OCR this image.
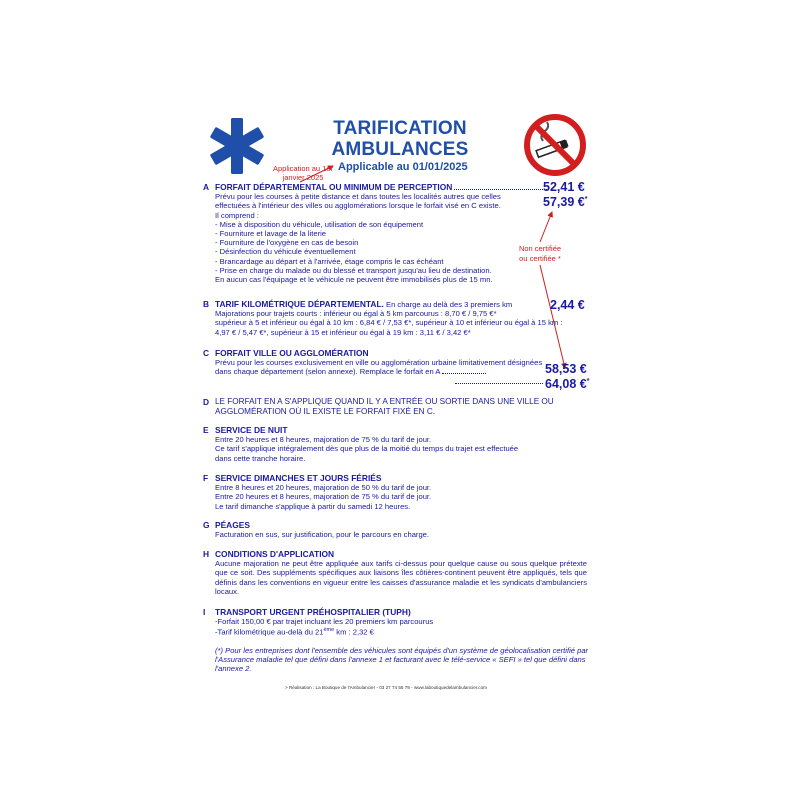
TARIFICATION
AMBULANCES
Applicable au 01/01/2025
Application au 1er janvier 2025
Non certifiée
ou certifiée *
A FORFAIT DÉPARTEMENTAL OU MINIMUM DE PERCEPTION
Prévu pour les courses à petite distance et dans toutes les localités autres que celles
effectuées à l'intérieur des villes ou agglomérations lorsque le forfait visé en C existe.
Il comprend :
- Mise à disposition du véhicule, utilisation de son équipement
- Fourniture et lavage de la literie
- Fourniture de l'oxygène en cas de besoin
- Désinfection du véhicule éventuellement
- Brancardage au départ et à l'arrivée, étage compris le cas échéant
- Prise en charge du malade ou du blessé et transport jusqu'au lieu de destination.
En aucun cas l'équipage et le véhicule ne peuvent être immobilisés plus de 15 mn.
52,41 €
57,39 €*
B TARIF KILOMÉTRIQUE DÉPARTEMENTAL. En charge au delà des 3 premiers km
Majorations pour trajets courts : inférieur ou égal à 5 km parcourus : 8,70 € / 9,75 €*
supérieur à 5 et inférieur ou égal à 10 km : 6,84 € / 7,53 €*, supérieur à 10 et inférieur ou égal à 15 km :
4,97 € / 5,47 €*, supérieur à 15 et inférieur ou égal à 19 km : 3,11 € / 3,42 €*
2,44 €
C FORFAIT VILLE OU AGGLOMÉRATION
Prévu pour les courses exclusivement en ville ou agglomération urbaine limitativement désignées
dans chaque département (selon annexe). Remplace le forfait en A	58,53 €
64,08 €*
D LE FORFAIT EN A S'APPLIQUE QUAND IL Y A ENTRÉE OU SORTIE DANS UNE VILLE OU
AGGLOMÉRATION OÙ IL EXISTE LE FORFAIT FIXÉ EN C.
E SERVICE DE NUIT
Entre 20 heures et 8 heures, majoration de 75 % du tarif de jour.
Ce tarif s'applique intégralement dès que plus de la moitié du temps du trajet est effectuée
dans cette tranche horaire.
F SERVICE DIMANCHES ET JOURS FÉRIÉS
Entre 8 heures et 20 heures, majoration de 50 % du tarif de jour.
Entre 20 heures et 8 heures, majoration de 75 % du tarif de jour.
Le tarif dimanche s'applique à partir du samedi 12 heures.
G PÉAGES
Facturation en sus, sur justification, pour le parcours en charge.
H CONDITIONS D'APPLICATION
Aucune majoration ne peut être appliquée aux tarifs ci-dessus pour quelque cause ou sous quelque prétexte que ce soit. Des suppléments spécifiques aux liaisons îles côtières-continent peuvent être appliqués, tels que définis dans les conventions en vigueur entre les caisses d'assurance maladie et les syndicats d'ambulanciers locaux.
I TRANSPORT URGENT PRÉHOSPITALIER (TUPH)
-Forfait 150,00 € par trajet incluant les 20 premiers km parcourus
-Tarif kilométrique au-delà du 21ème km : 2,32 €
(*) Pour les entreprises dont l'ensemble des véhicules sont équipés d'un système de géolocalisation certifié par l'Assurance maladie tel que défini dans l'annexe 1 et facturant avec le télé-service « SEFI » tel que défini dans l'annexe 2.
> Réalisation : La Boutique de l'Ambulancier - 03 27 74 55 79 - www.laboutiquedelambulancier.com
